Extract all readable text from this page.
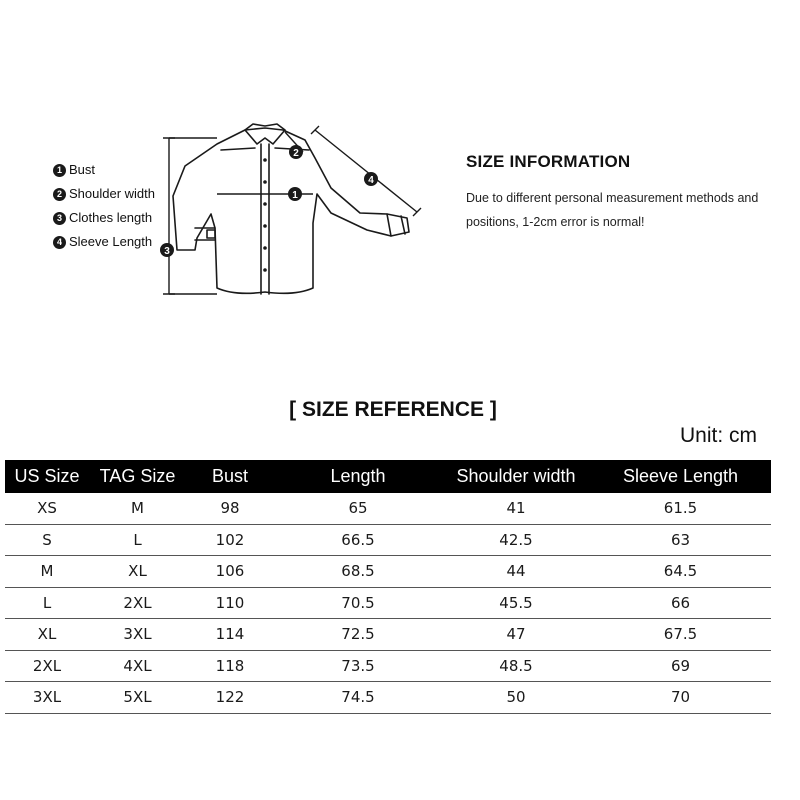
1 Bust
2 Shoulder width
3 Clothes length
4 Sleeve Length
1
2
3
4
SIZE INFORMATION

Due to different personal measurement methods and

positions, 1-2cm error is normal!

[ SIZE REFERENCE ]
Unit: cm
US Size	TAG Size	Bust	Length	Shoulder width	Sleeve Length
XS	M	98	65	41	61.5
S	L	102	66.5	42.5	63
M	XL	106	68.5	44	64.5
L	2XL	110	70.5	45.5	66
XL	3XL	114	72.5	47	67.5
2XL	4XL	118	73.5	48.5	69
3XL	5XL	122	74.5	50	70
